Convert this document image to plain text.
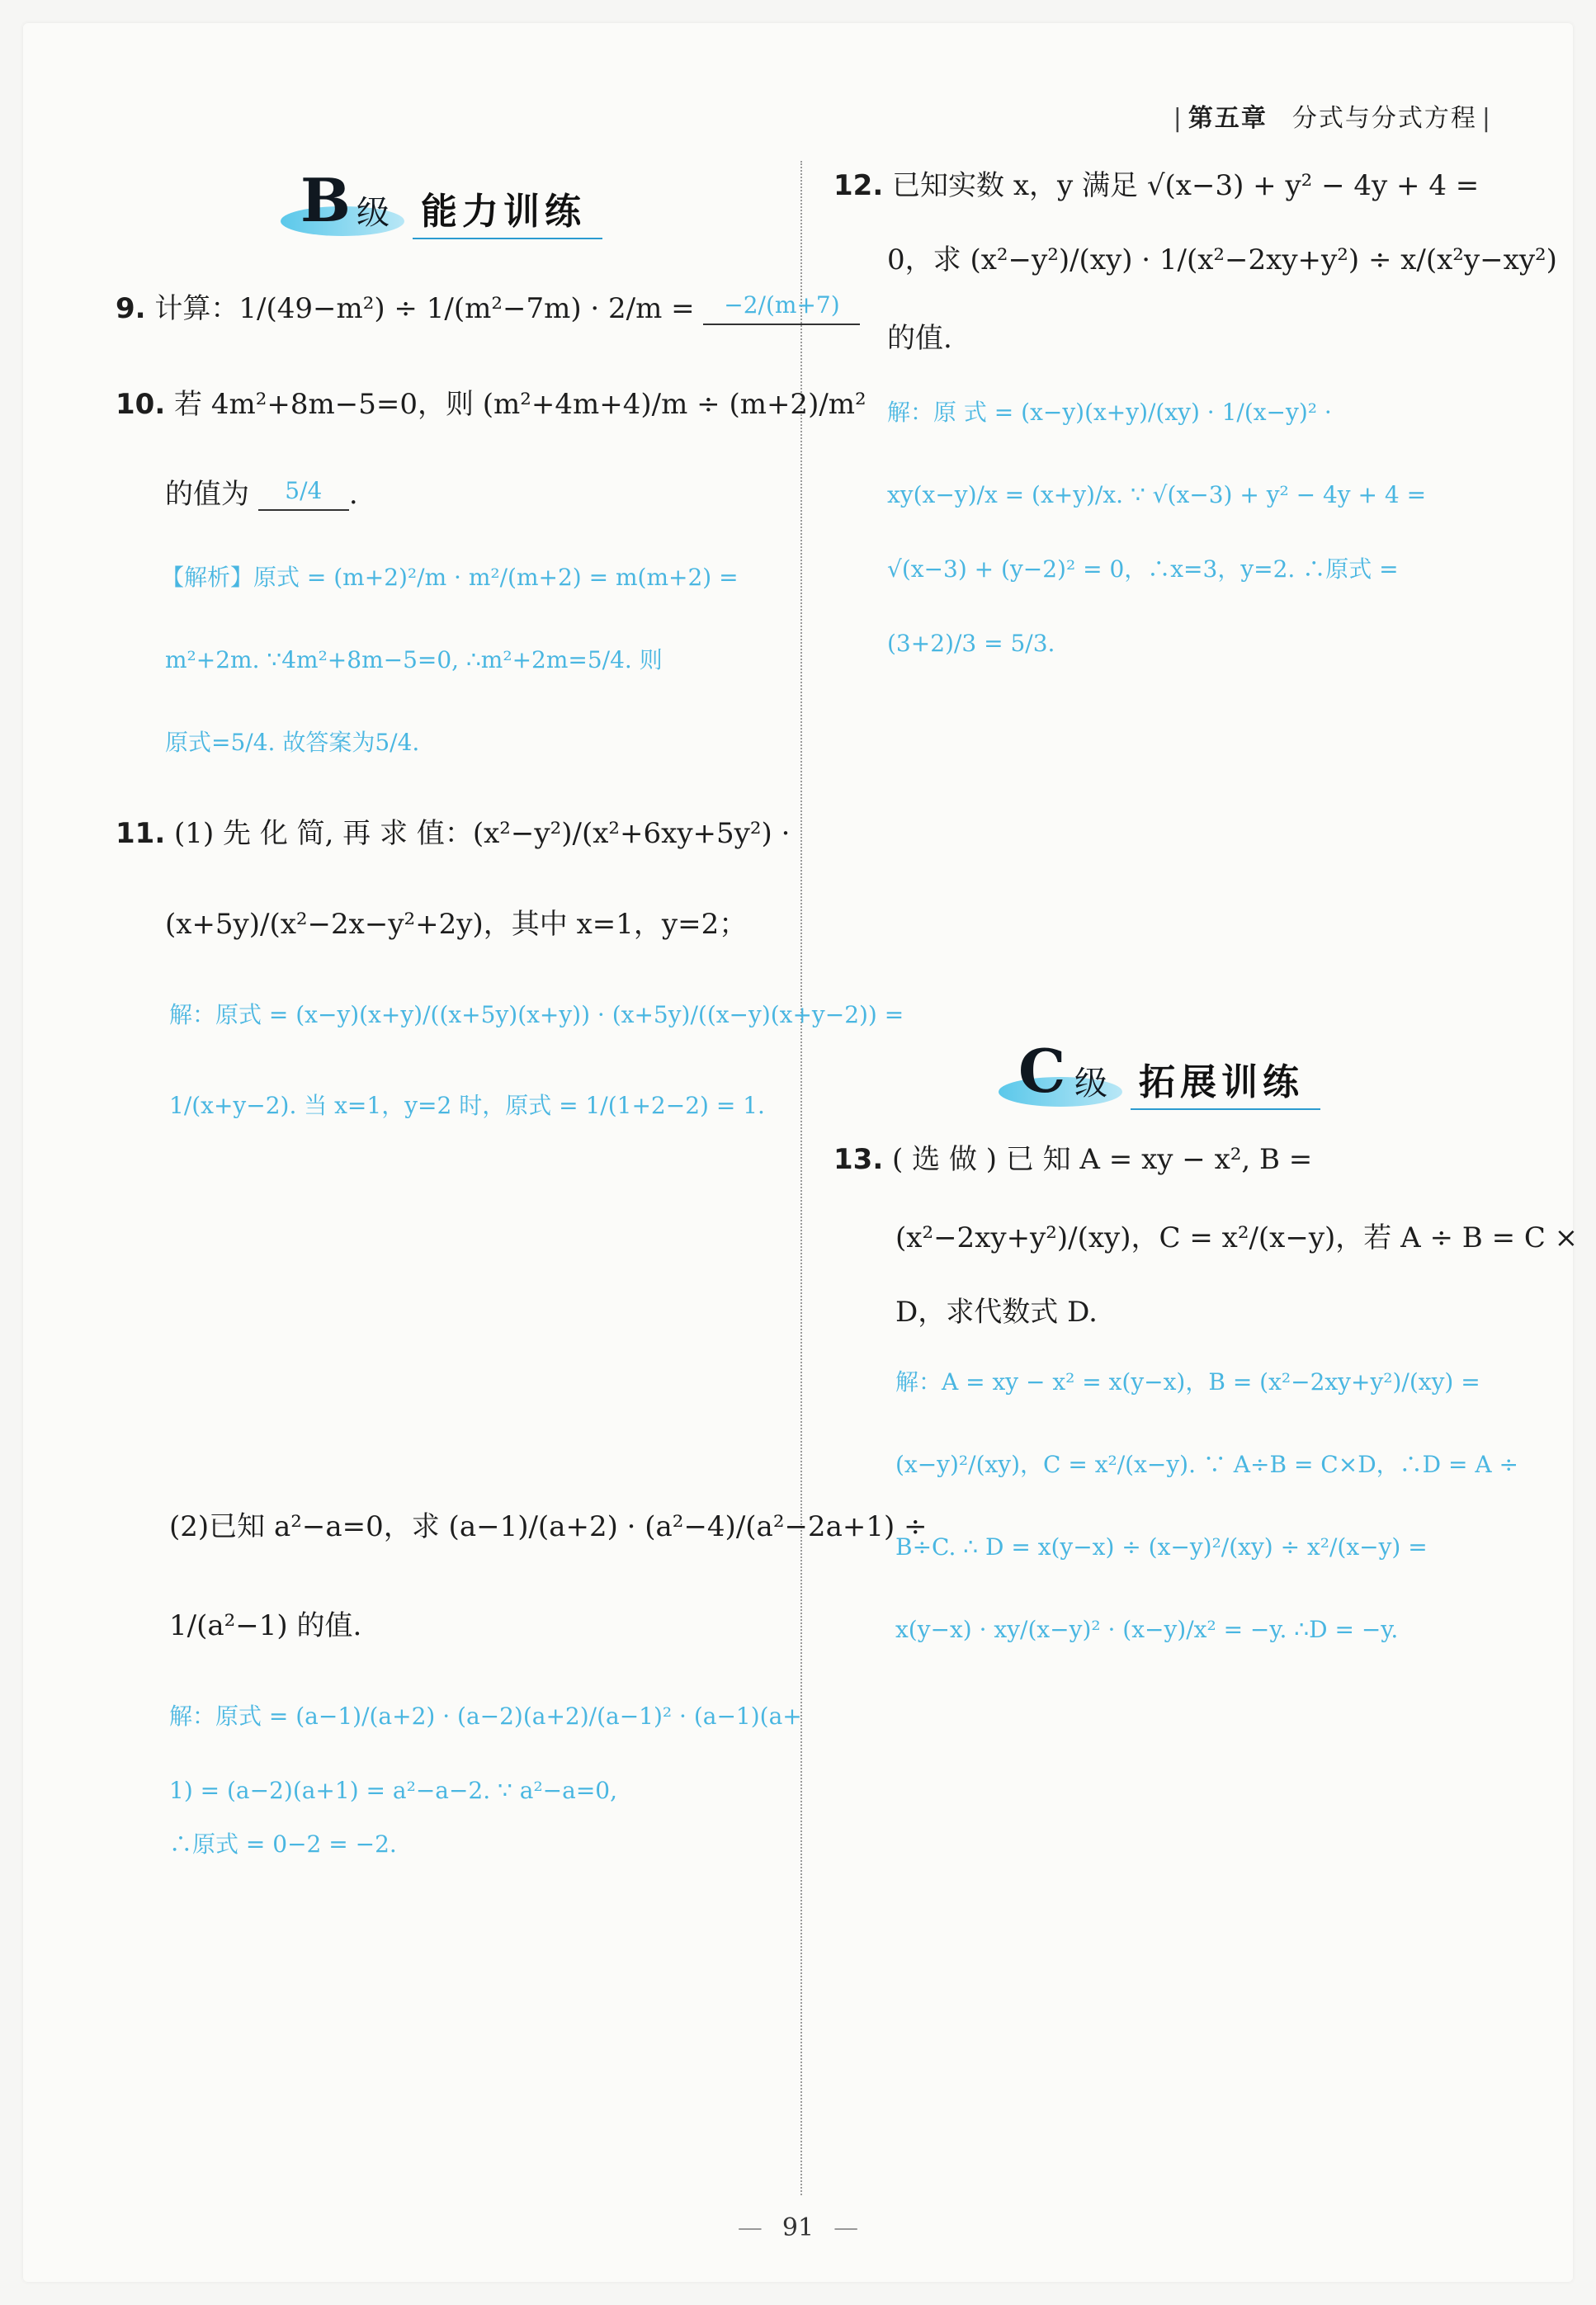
| 第五章 分式与分式方程 |
B 级 能力训练
9. 计算：1/(49−m²) ÷ 1/(m²−7m) · 2/m = −2/(m+7)
10. 若 4m²+8m−5=0，则 (m²+4m+4)/m ÷ (m+2)/m²
的值为 5/4 .
【解析】原式 = (m+2)²/m · m²/(m+2) = m(m+2) =
m²+2m. ∵4m²+8m−5=0, ∴m²+2m=5/4. 则
原式=5/4. 故答案为5/4.
11. (1) 先 化 简, 再 求 值：(x²−y²)/(x²+6xy+5y²) ·
(x+5y)/(x²−2x−y²+2y)，其中 x=1，y=2；
解：原式 = (x−y)(x+y)/((x+5y)(x+y)) · (x+5y)/((x−y)(x+y−2)) =
1/(x+y−2). 当 x=1，y=2 时，原式 = 1/(1+2−2) = 1.
(2)已知 a²−a=0，求 (a−1)/(a+2) · (a²−4)/(a²−2a+1) ÷
1/(a²−1) 的值.
解：原式 = (a−1)/(a+2) · (a−2)(a+2)/(a−1)² · (a−1)(a+
1) = (a−2)(a+1) = a²−a−2. ∵ a²−a=0,
∴原式 = 0−2 = −2.
12. 已知实数 x，y 满足 √(x−3) + y² − 4y + 4 =
0，求 (x²−y²)/(xy) · 1/(x²−2xy+y²) ÷ x/(x²y−xy²)
的值.
解：原 式 = (x−y)(x+y)/(xy) · 1/(x−y)² ·
xy(x−y)/x = (x+y)/x. ∵ √(x−3) + y² − 4y + 4 =
√(x−3) + (y−2)² = 0，∴x=3，y=2. ∴原式 =
(3+2)/3 = 5/3.
C 级 拓展训练
13. ( 选 做 ) 已 知 A = xy − x², B =
(x²−2xy+y²)/(xy)，C = x²/(x−y)，若 A ÷ B = C ×
D，求代数式 D.
解：A = xy − x² = x(y−x)，B = (x²−2xy+y²)/(xy) =
(x−y)²/(xy)，C = x²/(x−y). ∵ A÷B = C×D，∴D = A ÷
B÷C. ∴ D = x(y−x) ÷ (x−y)²/(xy) ÷ x²/(x−y) =
x(y−x) · xy/(x−y)² · (x−y)/x² = −y. ∴D = −y.
— 91 —
